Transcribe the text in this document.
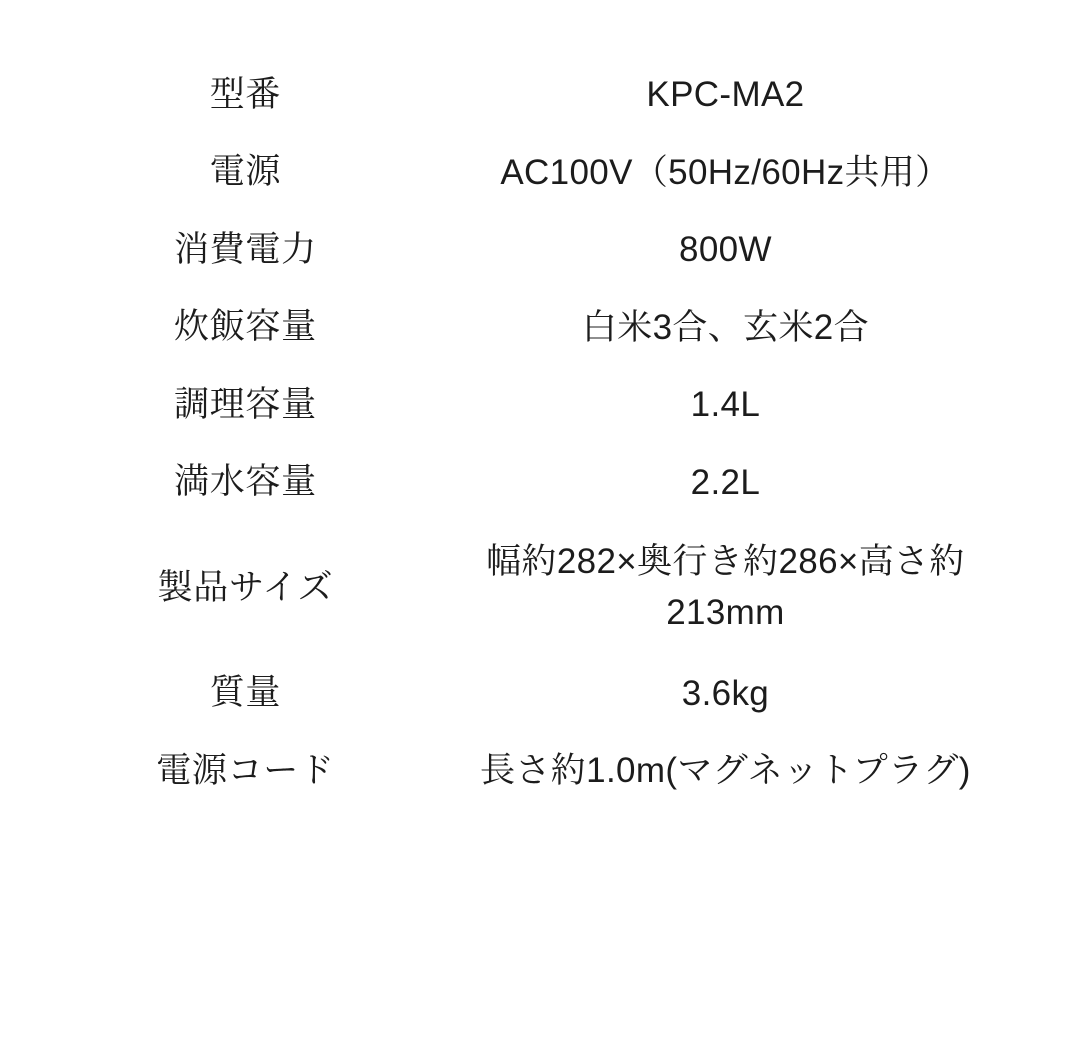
型番	KPC-MA2
電源	AC100V（50Hz/60Hz共用）
消費電力	800W
炊飯容量	白米3合、玄米2合
調理容量	1.4L
満水容量	2.2L
製品サイズ	幅約282×奥行き約286×高さ約213mm
質量	3.6kg
電源コード	長さ約1.0m(マグネットプラグ)
